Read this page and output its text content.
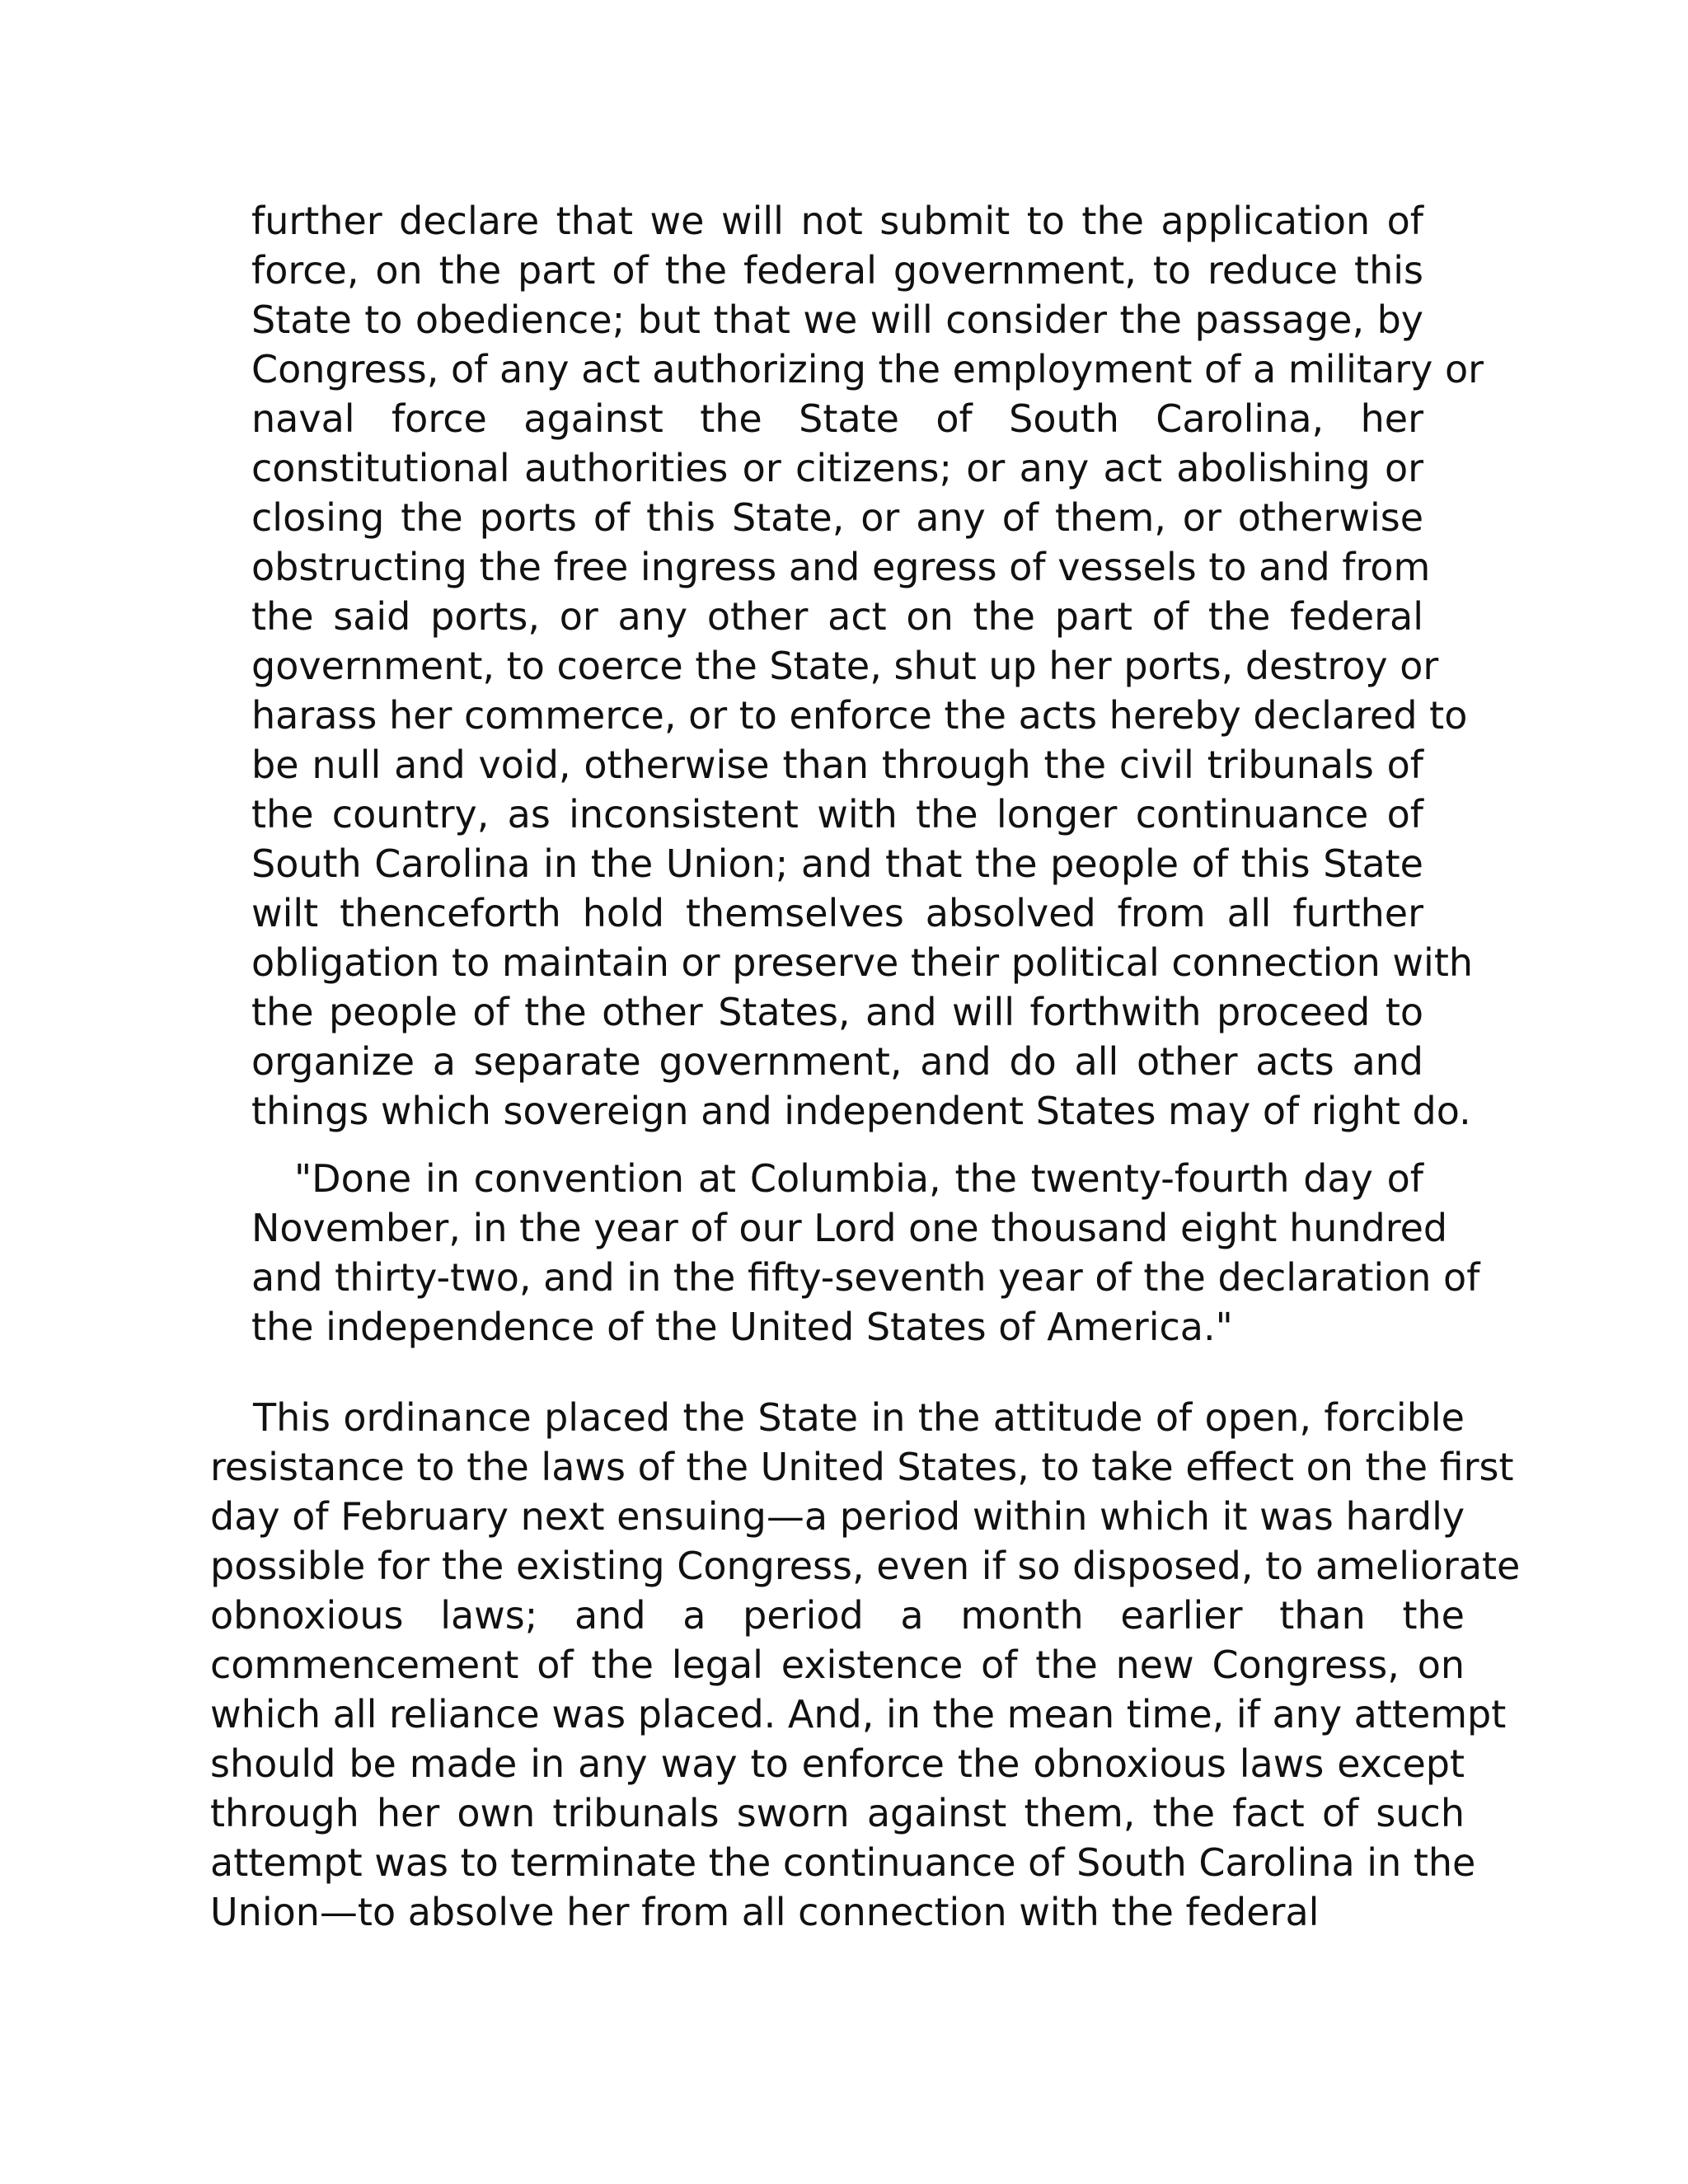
further declare that we will not submit to the application of
force, on the part of the federal government, to reduce this
State to obedience; but that we will consider the passage, by
Congress, of any act authorizing the employment of a military or
naval force against the State of South Carolina, her
constitutional authorities or citizens; or any act abolishing or
closing the ports of this State, or any of them, or otherwise
obstructing the free ingress and egress of vessels to and from
the said ports, or any other act on the part of the federal
government, to coerce the State, shut up her ports, destroy or
harass her commerce, or to enforce the acts hereby declared to
be null and void, otherwise than through the civil tribunals of
the country, as inconsistent with the longer continuance of
South Carolina in the Union; and that the people of this State
wilt thenceforth hold themselves absolved from all further
obligation to maintain or preserve their political connection with
the people of the other States, and will forthwith proceed to
organize a separate government, and do all other acts and
things which sovereign and independent States may of right do.
"Done in convention at Columbia, the twenty-fourth day of
November, in the year of our Lord one thousand eight hundred
and thirty-two, and in the fifty-seventh year of the declaration of
the independence of the United States of America."
This ordinance placed the State in the attitude of open, forcible
resistance to the laws of the United States, to take effect on the first
day of February next ensuing—a period within which it was hardly
possible for the existing Congress, even if so disposed, to ameliorate
obnoxious laws; and a period a month earlier than the
commencement of the legal existence of the new Congress, on
which all reliance was placed. And, in the mean time, if any attempt
should be made in any way to enforce the obnoxious laws except
through her own tribunals sworn against them, the fact of such
attempt was to terminate the continuance of South Carolina in the
Union—to absolve her from all connection with the federal
